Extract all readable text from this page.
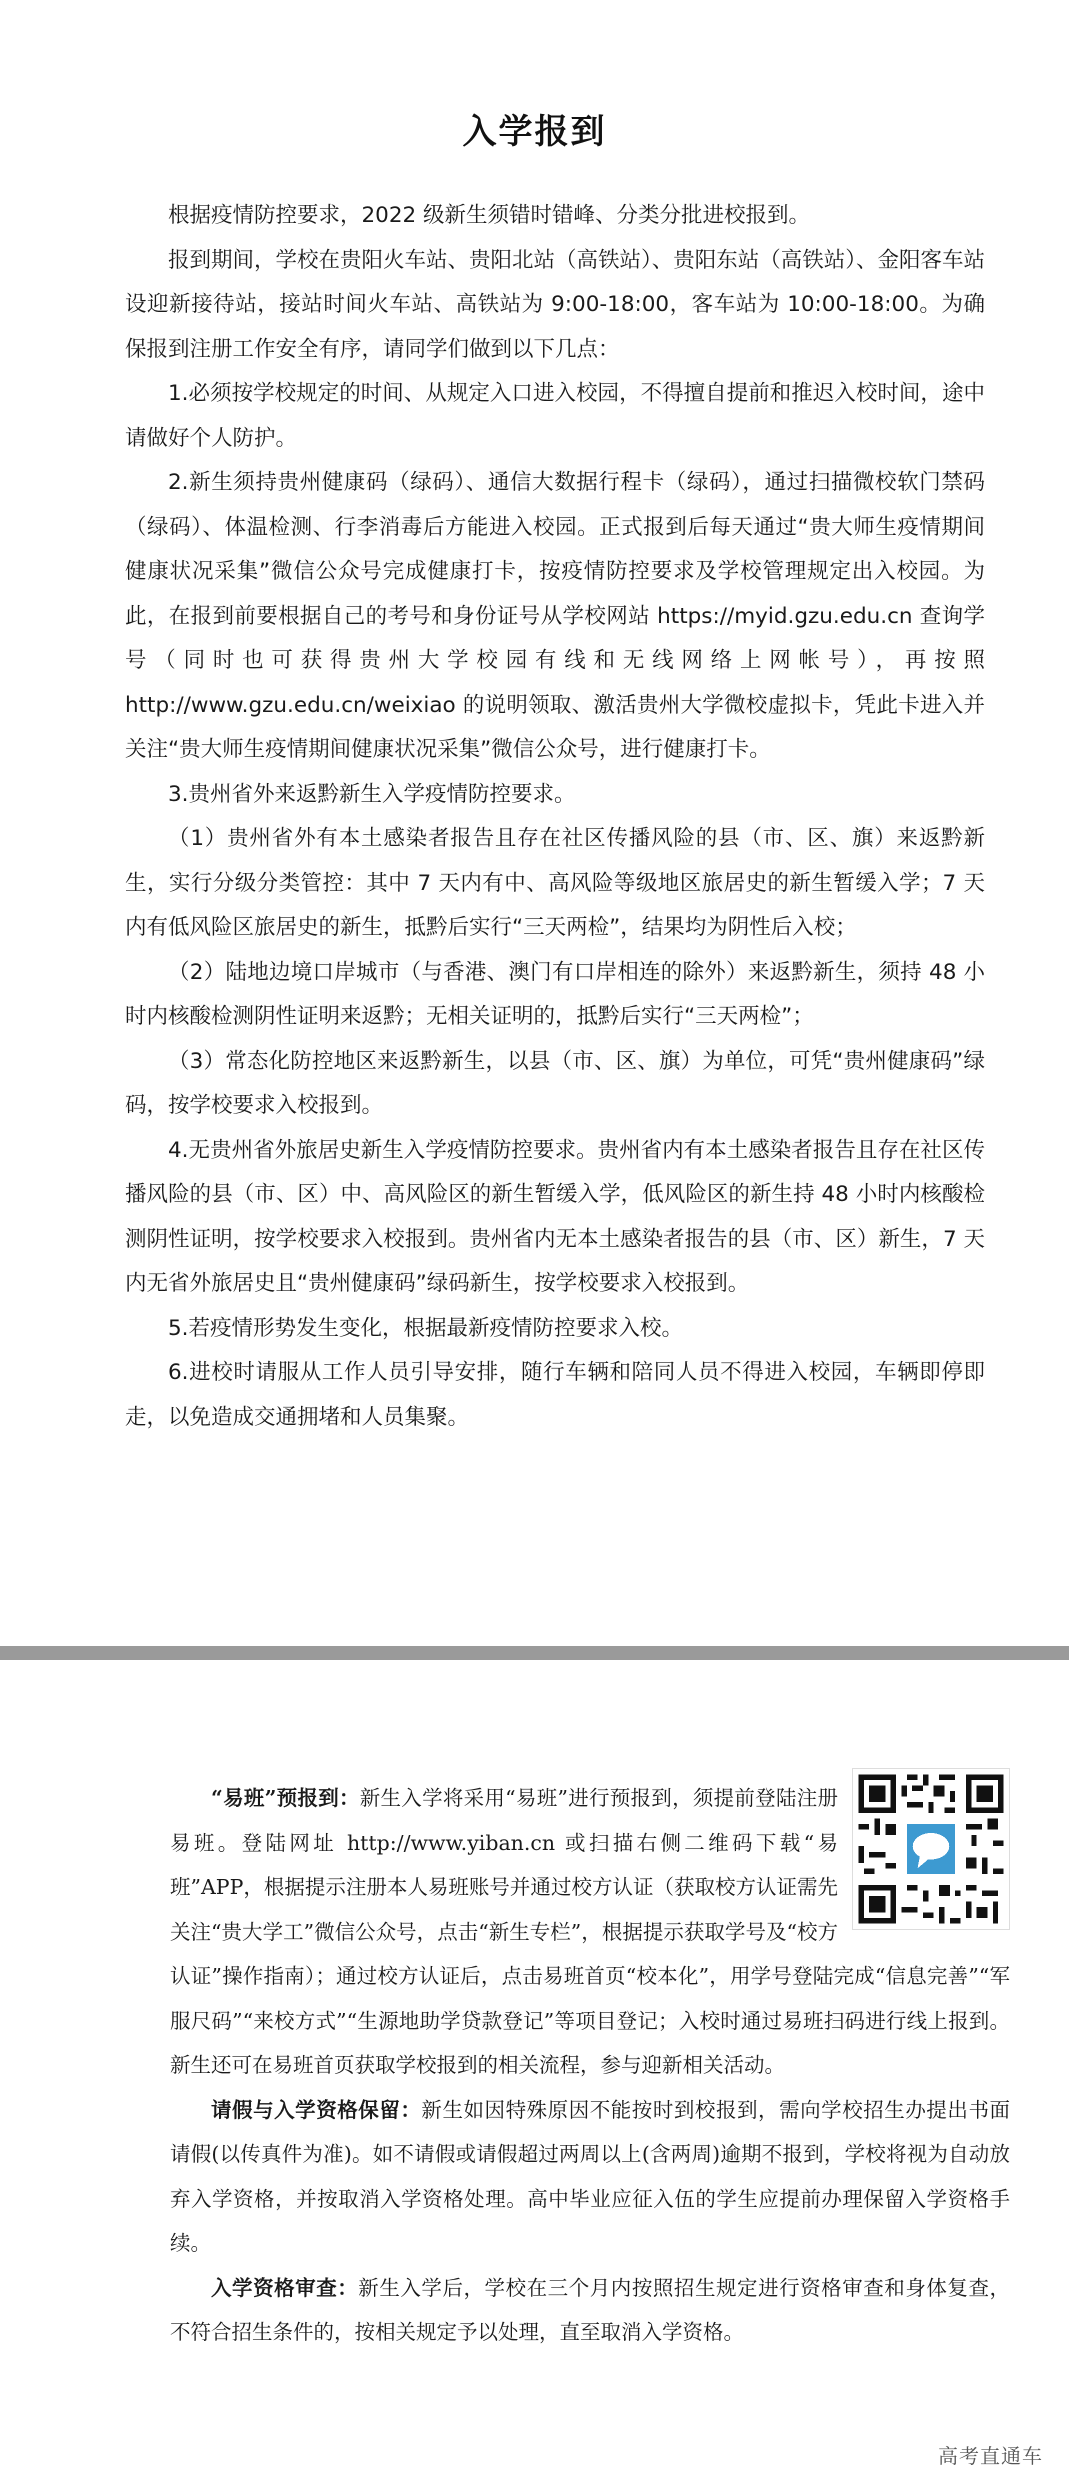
入学报到

根据疫情防控要求，2022 级新生须错时错峰、分类分批进校报到。

报到期间，学校在贵阳火车站、贵阳北站（高铁站）、贵阳东站（高铁站）、金阳客车站设迎新接待站，接站时间火车站、高铁站为 9:00-18:00，客车站为 10:00-18:00。为确保报到注册工作安全有序，请同学们做到以下几点：

1.必须按学校规定的时间、从规定入口进入校园，不得擅自提前和推迟入校时间，途中请做好个人防护。

2.新生须持贵州健康码（绿码）、通信大数据行程卡（绿码），通过扫描微校软门禁码（绿码）、体温检测、行李消毒后方能进入校园。正式报到后每天通过“贵大师生疫情期间健康状况采集”微信公众号完成健康打卡，按疫情防控要求及学校管理规定出入校园。为此，在报到前要根据自己的考号和身份证号从学校网站 https://myid.gzu.edu.cn 查询学号（同时也可获得贵州大学校园有线和无线网络上网帐号），再按照 http://www.gzu.edu.cn/weixiao 的说明领取、激活贵州大学微校虚拟卡，凭此卡进入并关注“贵大师生疫情期间健康状况采集”微信公众号，进行健康打卡。

3.贵州省外来返黔新生入学疫情防控要求。

（1）贵州省外有本土感染者报告且存在社区传播风险的县（市、区、旗）来返黔新生，实行分级分类管控：其中 7 天内有中、高风险等级地区旅居史的新生暂缓入学；7 天内有低风险区旅居史的新生，抵黔后实行“三天两检”，结果均为阴性后入校；

（2）陆地边境口岸城市（与香港、澳门有口岸相连的除外）来返黔新生，须持 48 小时内核酸检测阴性证明来返黔；无相关证明的，抵黔后实行“三天两检”；

（3）常态化防控地区来返黔新生，以县（市、区、旗）为单位，可凭“贵州健康码”绿码，按学校要求入校报到。

4.无贵州省外旅居史新生入学疫情防控要求。贵州省内有本土感染者报告且存在社区传播风险的县（市、区）中、高风险区的新生暂缓入学，低风险区的新生持 48 小时内核酸检测阴性证明，按学校要求入校报到。贵州省内无本土感染者报告的县（市、区）新生，7 天内无省外旅居史且“贵州健康码”绿码新生，按学校要求入校报到。

5.若疫情形势发生变化，根据最新疫情防控要求入校。

6.进校时请服从工作人员引导安排，随行车辆和陪同人员不得进入校园，车辆即停即走，以免造成交通拥堵和人员集聚。

“易班”预报到：新生入学将采用“易班”进行预报到，须提前登陆注册易班。登陆网址 http://www.yiban.cn 或扫描右侧二维码下载“易班”APP，根据提示注册本人易班账号并通过校方认证（获取校方认证需先关注“贵大学工”微信公众号，点击“新生专栏”，根据提示获取学号及“校方认证”操作指南）；通过校方认证后，点击易班首页“校本化”，用学号登陆完成“信息完善”“军服尺码”“来校方式”“生源地助学贷款登记”等项目登记；入校时通过易班扫码进行线上报到。新生还可在易班首页获取学校报到的相关流程，参与迎新相关活动。

请假与入学资格保留：新生如因特殊原因不能按时到校报到，需向学校招生办提出书面请假(以传真件为准)。如不请假或请假超过两周以上(含两周)逾期不报到，学校将视为自动放弃入学资格，并按取消入学资格处理。高中毕业应征入伍的学生应提前办理保留入学资格手续。

入学资格审查：新生入学后，学校在三个月内按照招生规定进行资格审查和身体复查，不符合招生条件的，按相关规定予以处理，直至取消入学资格。

高考直通车
